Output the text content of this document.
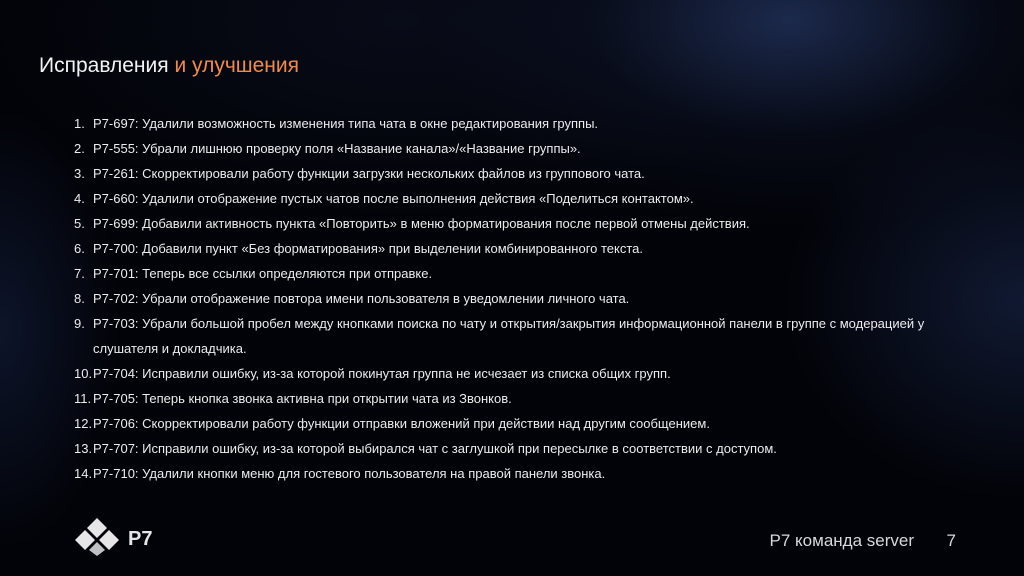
Исправления и улучшения
1. P7-697: Удалили возможность изменения типа чата в окне редактирования группы.
2. P7-555: Убрали лишнюю проверку поля «Название канала»/«Название группы».
3. P7-261: Скорректировали работу функции загрузки нескольких файлов из группового чата.
4. P7-660: Удалили отображение пустых чатов после выполнения действия «Поделиться контактом».
5. P7-699: Добавили активность пункта «Повторить» в меню форматирования после первой отмены действия.
6. P7-700: Добавили пункт «Без форматирования» при выделении комбинированного текста.
7. P7-701: Теперь все ссылки определяются при отправке.
8. P7-702: Убрали отображение повтора имени пользователя в уведомлении личного чата.
9. P7-703: Убрали большой пробел между кнопками поиска по чату и открытия/закрытия информационной панели в группе с модерацией у слушателя и докладчика.
10. P7-704: Исправили ошибку, из-за которой покинутая группа не исчезает из списка общих групп.
11. P7-705: Теперь кнопка звонка активна при открытии чата из Звонков.
12. P7-706: Скорректировали работу функции отправки вложений при действии над другим сообщением.
13. P7-707: Исправили ошибку, из-за которой выбирался чат с заглушкой при пересылке в соответствии с доступом.
14. P7-710: Удалили кнопки меню для гостевого пользователя на правой панели звонка.
P7	Р7 команда server 7
